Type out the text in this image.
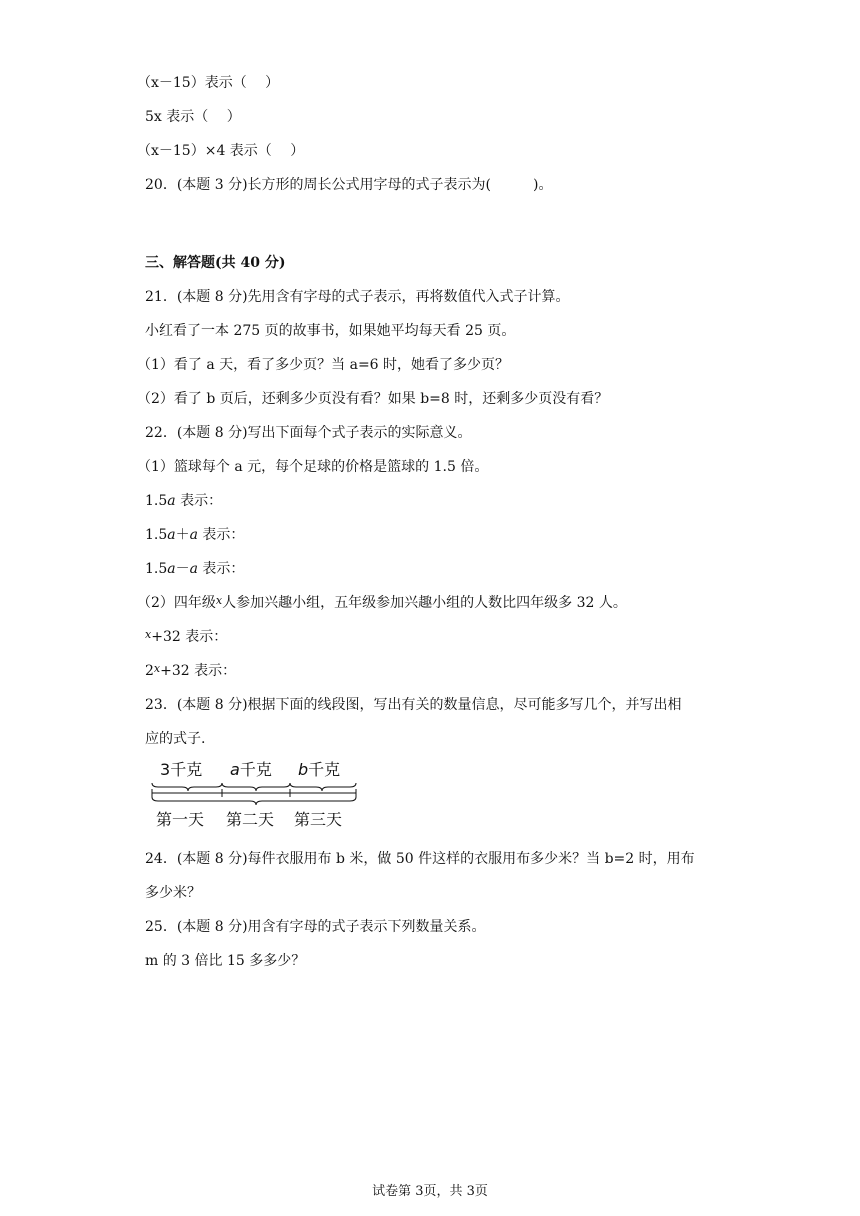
（x－15）表示（　 ）
5x 表示（　 ）
（x－15）×4 表示（　 ）
20．(本题 3 分)长方形的周长公式用字母的式子表示为(　　　)。
三、解答题(共 40 分)
21．(本题 8 分)先用含有字母的式子表示，再将数值代入式子计算。
小红看了一本 275 页的故事书，如果她平均每天看 25 页。
（1）看了 a 天，看了多少页？当 a=6 时，她看了多少页？
（2）看了 b 页后，还剩多少页没有看？如果 b=8 时，还剩多少页没有看？
22．(本题 8 分)写出下面每个式子表示的实际意义。
（1）篮球每个 a 元，每个足球的价格是篮球的 1.5 倍。
1.5a 表示：
1.5a＋a 表示：
1.5a－a 表示：
（2）四年级$^x$人参加兴趣小组，五年级参加兴趣小组的人数比四年级多 32 人。
$^x$+32 表示：
$2^x+32$ 表示：
23．(本题 8 分)根据下面的线段图，写出有关的数量信息，尽可能多写几个，并写出相
应的式子.
3千克 a千克 b千克
第一天 第二天 第三天
24．(本题 8 分)每件衣服用布 b 米，做 50 件这样的衣服用布多少米？当 b=2 时，用布
多少米？
25．(本题 8 分)用含有字母的式子表示下列数量关系。
m 的 3 倍比 15 多多少？
试卷第 3页，共 3页
